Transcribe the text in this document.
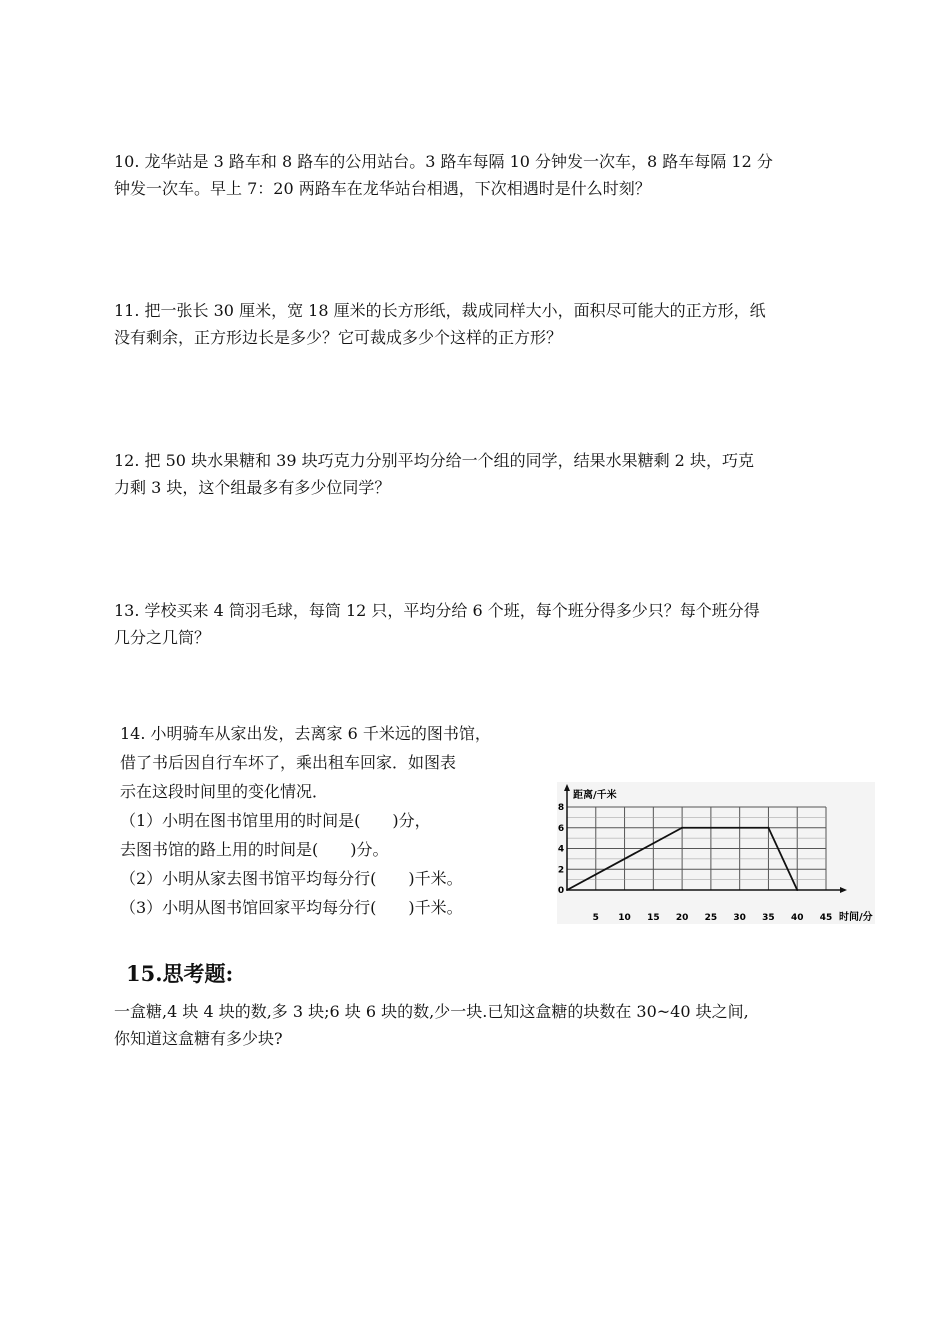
10. 龙华站是 3 路车和 8 路车的公用站台。3 路车每隔 10 分钟发一次车，8 路车每隔 12 分

钟发一次车。早上 7：20 两路车在龙华站台相遇，下次相遇时是什么时刻？

11. 把一张长 30 厘米，宽 18 厘米的长方形纸，裁成同样大小，面积尽可能大的正方形，纸

没有剩余，正方形边长是多少？它可裁成多少个这样的正方形？

12. 把 50 块水果糖和 39 块巧克力分别平均分给一个组的同学，结果水果糖剩 2 块，巧克

力剩 3 块，这个组最多有多少位同学？

13. 学校买来 4 筒羽毛球，每筒 12 只，平均分给 6 个班，每个班分得多少只？每个班分得

几分之几筒？

14. 小明骑车从家出发，去离家 6 千米远的图书馆，

借了书后因自行车坏了，乘出租车回家．如图表

示在这段时间里的变化情况．

（1）小明在图书馆里用的时间是(　　)分，

去图书馆的路上用的时间是(　　)分。

（2）小明从家去图书馆平均每分行(　　)千米。

（3）小明从图书馆回家平均每分行(　　)千米。

5 10 15 20 25 30 35 40 45
0
2
4
6
8
距离/千米
时间/分
15.思考题:

一盒糖,4 块 4 块的数,多 3 块;6 块 6 块的数,少一块.已知这盒糖的块数在 30~40 块之间,

你知道这盒糖有多少块?
